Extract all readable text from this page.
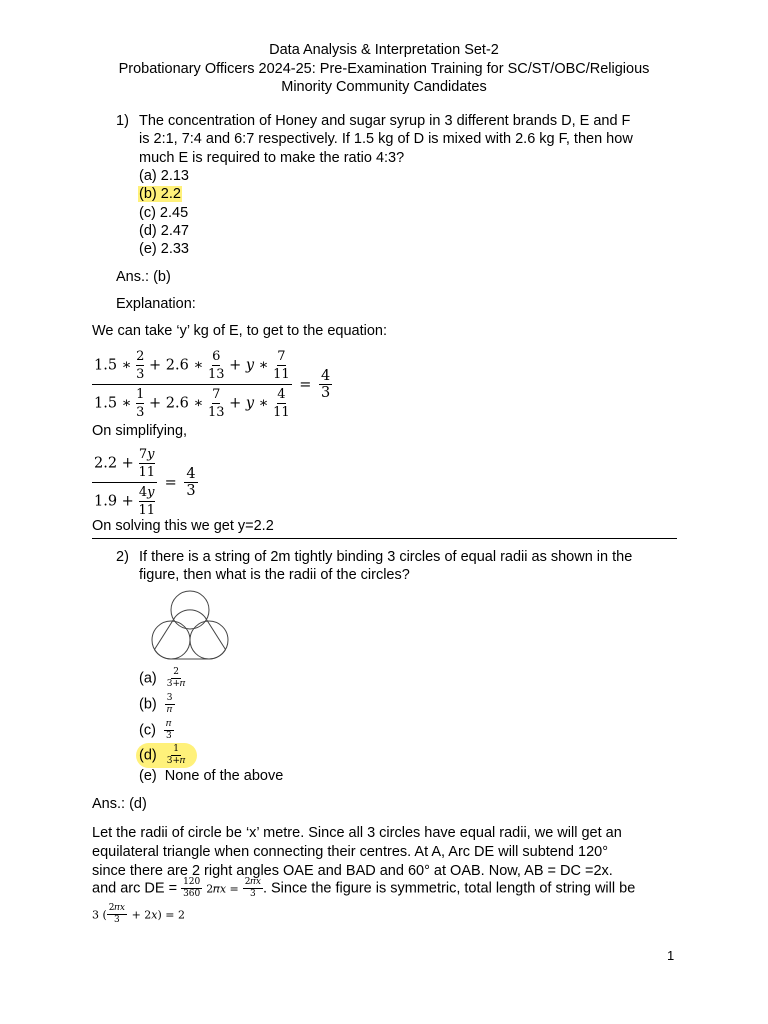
Data Analysis & Interpretation Set-2
Probationary Officers 2024-25: Pre-Examination Training for SC/ST/OBC/Religious
Minority Community Candidates
1) The concentration of Honey and sugar syrup in 3 different brands D, E and F
is 2:1, 7:4 and 6:7 respectively. If 1.5 kg of D is mixed with 2.6 kg F, then how
much E is required to make the ratio 4:3?
(a) 2.13
(b) 2.2
(c) 2.45
(d) 2.47
(e) 2.33
Ans.: (b)
Explanation:
We can take ‘y’ kg of E, to get to the equation:
1.5 ∗ $\frac{2}{3} + 2.6$ ∗ $\frac{6}{13}$ + 𝑦 ∗ $\frac{7}{11}$
1.5 ∗ $\frac{1}{3} + 2.6$ ∗ $\frac{7}{13}$ + 𝑦 ∗ $\frac{4}{11}$
= $\frac{4}{3}$
On simplifying,
$\frac{2.2 + \frac{\text{7𝑦}}{11}}{1.9 + \frac{\text{4𝑦}}{11}} = \frac{4}{3}$
On solving this we get y=2.2
2) If there is a string of 2m tightly binding 3 circles of equal radii as shown in the
figure, then what is the radii of the circles?
$(a) \frac{2}{\text{3+𝜋}}$
$(b) \frac{3}{\text{𝜋}}$
$(c) \frac{\text{𝜋}}{3}$
$(d) \frac{1}{\text{3+𝜋}}$
(e) None of the above
Ans.: (d)
Let the radii of circle be ‘x’ metre. Since all 3 circles have equal radii, we will get an
equilateral triangle when connecting their centres. At A, Arc DE will subtend 120°
since there are 2 right angles OAE and BAD and 60° at OAB. Now, AB = DC =2x.
and arc DE = $\frac{120}{360}$ 2𝜋𝑥 = $\frac{\text{2𝜋𝑥}}{3}$ . Since the figure is symmetric, total length of string will be
3 ( $\frac{\text{2𝜋𝑥}}{3}$ + 2𝑥) = 2
1
